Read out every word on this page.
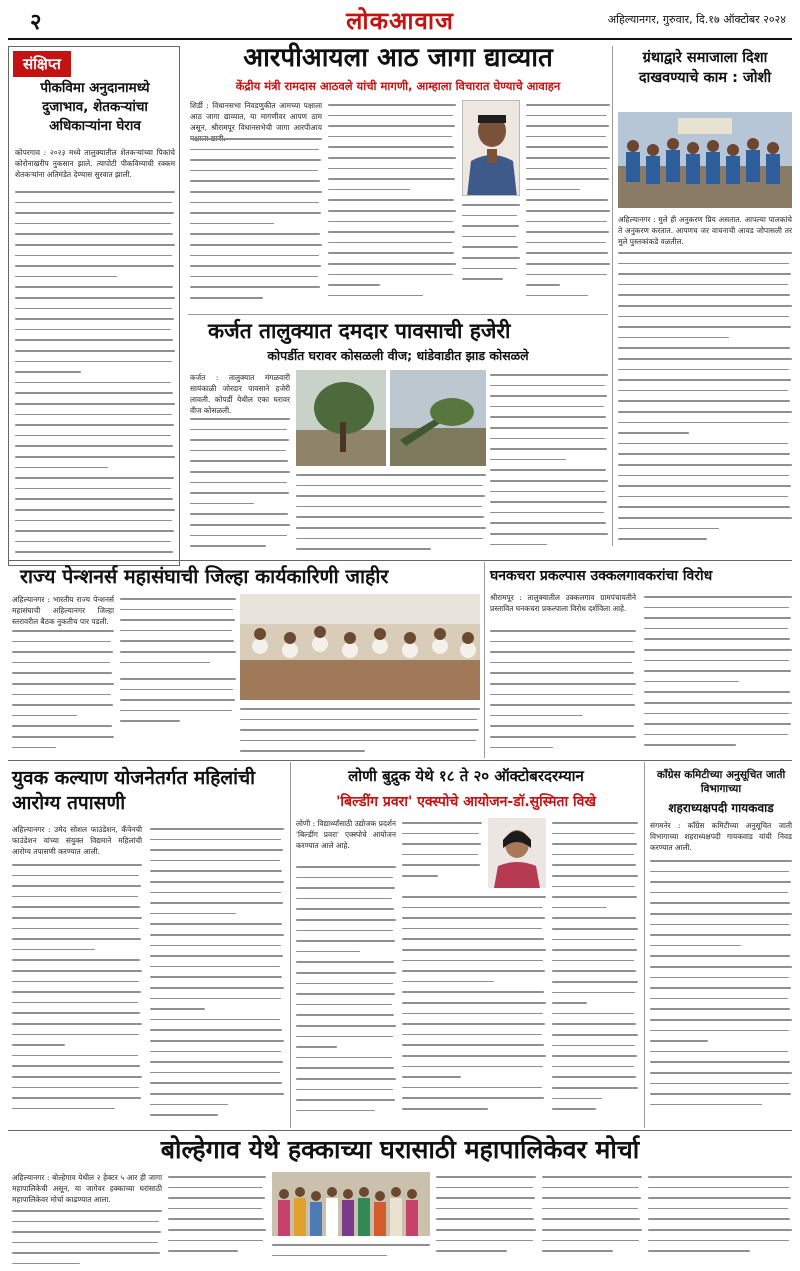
२	लोकआवाज	अहिल्यानगर, गुरुवार, दि.१७ ऑक्टोबर २०२४
संक्षिप्त
पीकविमा अनुदानामध्ये दुजाभाव, शेतकऱ्यांचा अधिकाऱ्यांना घेराव
कोपरगाव : २०२३ मध्ये तालुक्यातील शेतकऱ्यांच्या पिकांचे कोरोनाखरीप नुकसान झाले. त्यापोटी पीकविम्याची रक्कम शेतकऱ्यांना अतिमंडेत देण्यास सुरवात झाली.
आरपीआयला आठ जागा द्याव्यात
केंद्रीय मंत्री रामदास आठवले यांची मागणी, आम्हाला विचारात घेण्याचे आवाहन
शिर्डी : विधानसभा निवडणुकीत आमच्या पक्षाला आठ जागा द्याव्यात, या मागणीवर आपण ठाम असून, श्रीरामपूर विधानसभेची जागा आरपीआय
ग्रंथाद्वारे समाजाला दिशा दाखवण्याचे काम : जोशी
अहिल्यानगर : मुले ही अनुकरण प्रिय असतात. आपल्या पालकांचे ते अनुकरण करतात. आपणच जर वाचनाची आवड जोपासली तर मुले पुस्तकांकडे वळतील.
कर्जत तालुक्यात दमदार पावसाची हजेरी
कोपर्डीत घरावर कोसळली वीज; धांडेवाडीत झाड कोसळले
कर्जत : तालुक्यात मंगळवारी सायंकाळी जोरदार पावसाने हजेरी लावली. कोपर्डी येथील एका घरावर वीज कोसळली.
राज्य पेन्शनर्स महासंघाची जिल्हा कार्यकारिणी जाहीर
अहिल्यानगर : भारतीय राज्य पेन्शनर्स महासंघाची अहिल्यानगर जिल्हा स्तरावरील बैठक नुकतीच पार पडली.
घनकचरा प्रकल्पास उक्कलगावकरांचा विरोध
श्रीरामपूर : तालुक्यातील उक्कलगाव ग्रामपंचायतीने प्रस्तावित घनकचरा प्रकल्पाला विरोध दर्शविला आहे.
युवक कल्याण योजनेतर्गत महिलांची आरोग्य तपासणी
अहिल्यानगर : उमेद सोशल फाउंडेशन, कँपेनची फाउंडेशन यांच्या संयुक्त विद्यमाने महिलांची आरोग्य तपासणी करण्यात आली.
लोणी बुद्रुक येथे १८ ते २० ऑक्टोबरदरम्यान
'बिल्डींग प्रवरा' एक्स्पोचे आयोजन-डॉ.सुस्मिता विखे
लोणी : विद्यार्थ्यांसाठी उद्योजक प्रदर्शन 'बिल्डींग प्रवरा' एक्स्पोचे आयोजन करण्यात आले आहे.
काँग्रेस कमिटीच्या अनुसूचित जाती विभागाच्या
शहराध्यक्षपदी गायकवाड
संगमनेर : काँग्रेस कमिटीच्या अनुसूचित जाती विभागाच्या शहराध्यक्षपदी गायकवाड यांची निवड करण्यात आली.
बोल्हेगाव येथे हक्काच्या घरासाठी महापालिकेवर मोर्चा
अहिल्यानगर : बोल्हेगाव येथील २ हेक्टर ५ आर ही जागा महापालिकेची असून, या जागेवर हक्काच्या घरांसाठी महापालिकेवर मोर्चा काढण्यात आला.
